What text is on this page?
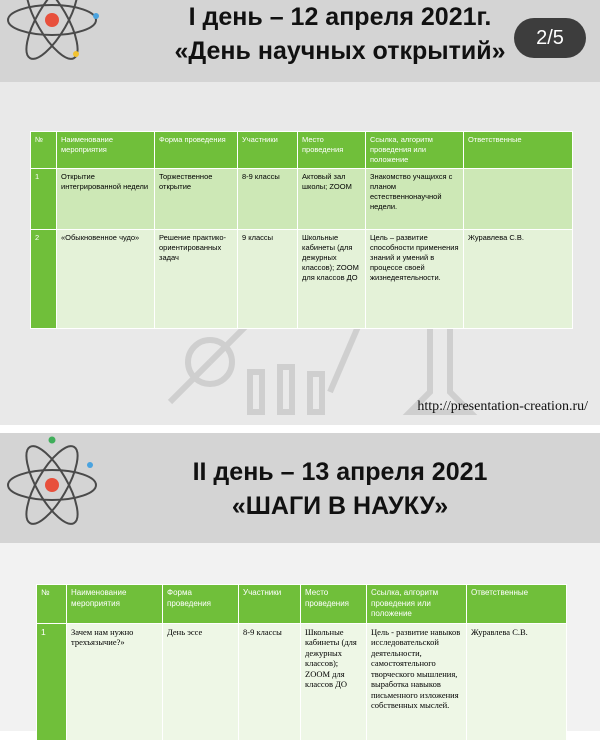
I день – 12 апреля 2021г.
«День научных открытий»	2/5
№	Наименование мероприятия	Форма проведения	Участники	Место проведения	Ссылка, алгоритм проведения или положение	Ответственные
1	Открытие интегрированной недели	Торжественное открытие	8-9 классы	Актовый зал школы; ZOOM	Знакомство учащихся с планом естественнонаучной недели.	
2	«Обыкновенное чудо»	Решение практико-ориентированных задач	9 классы	Школьные кабинеты (для дежурных классов); ZOOM для классов ДО	Цель – развитие способности применения знаний и умений в процессе своей жизнедеятельности.	Журавлева С.В.
http://presentation-creation.ru/
II день – 13 апреля 2021
«ШАГИ В НАУКУ»
№	Наименование мероприятия	Форма проведения	Участники	Место проведения	Ссылка, алгоритм проведения или положение	Ответственные
1	Зачем нам нужно трехъязычие?»	День эссе	8-9 классы	Школьные кабинеты (для дежурных классов); ZOOM для классов ДО	Цель - развитие навыков исследовательской деятельности, самостоятельного творческого мышления, выработка навыков письменного изложения собственных мыслей.	Журавлева С.В.
